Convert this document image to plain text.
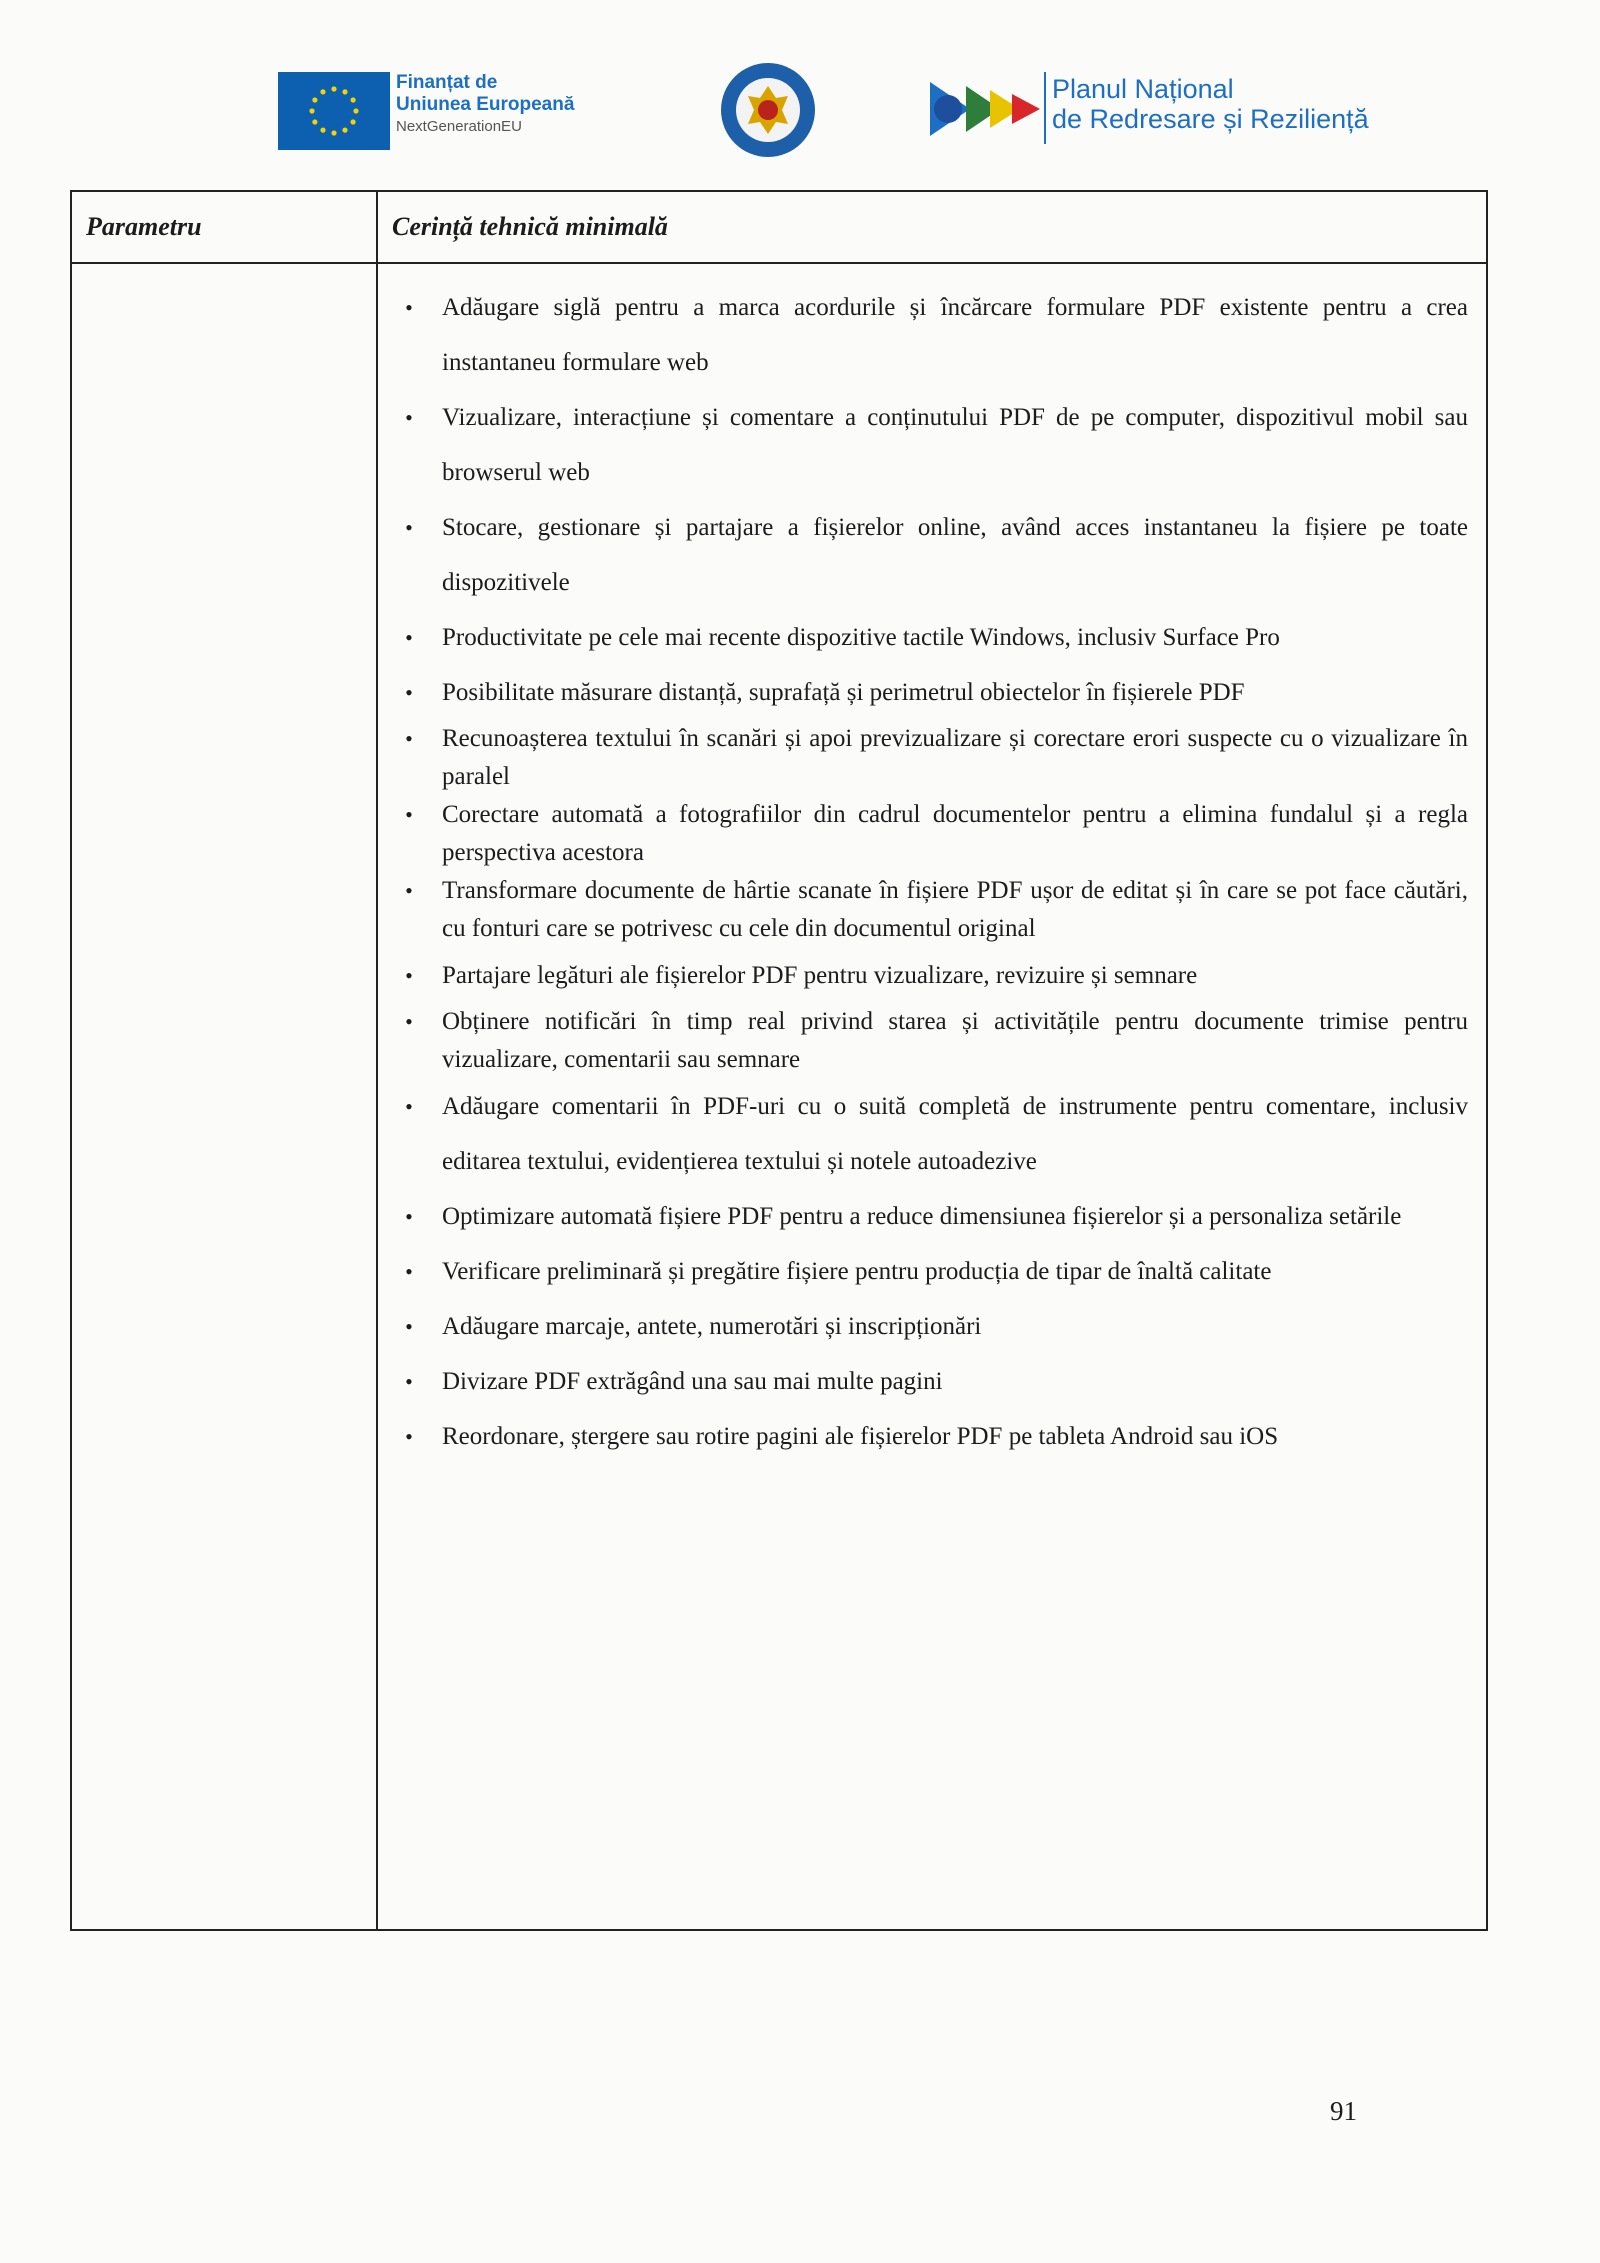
Finanțat de
Uniunea Europeană
NextGenerationEU
Planul Național
de Redresare și Reziliență
Parametru	Cerință tehnică minimală
•	Adăugare siglă pentru a marca acordurile și încărcare formulare PDF existente pentru a crea instantaneu formulare web
•	Vizualizare, interacțiune și comentare a conținutului PDF de pe computer, dispozitivul mobil sau browserul web
•	Stocare, gestionare și partajare a fișierelor online, având acces instantaneu la fișiere pe toate dispozitivele
•	Productivitate pe cele mai recente dispozitive tactile Windows, inclusiv Surface Pro
•	Posibilitate măsurare distanță, suprafață și perimetrul obiectelor în fișierele PDF
•	Recunoașterea textului în scanări și apoi previzualizare și corectare erori suspecte cu o vizualizare în paralel
•	Corectare automată a fotografiilor din cadrul documentelor pentru a elimina fundalul și a regla perspectiva acestora
•	Transformare documente de hârtie scanate în fișiere PDF ușor de editat și în care se pot face căutări, cu fonturi care se potrivesc cu cele din documentul original
•	Partajare legături ale fișierelor PDF pentru vizualizare, revizuire și semnare
•	Obținere notificări în timp real privind starea și activitățile pentru documente trimise pentru vizualizare, comentarii sau semnare
•	Adăugare comentarii în PDF-uri cu o suită completă de instrumente pentru comentare, inclusiv editarea textului, evidențierea textului și notele autoadezive
•	Optimizare automată fișiere PDF pentru a reduce dimensiunea fișierelor și a personaliza setările
•	Verificare preliminară și pregătire fișiere pentru producția de tipar de înaltă calitate
•	Adăugare marcaje, antete, numerotări și inscripționări
•	Divizare PDF extrăgând una sau mai multe pagini
•	Reordonare, ștergere sau rotire pagini ale fișierelor PDF pe tableta Android sau iOS
91
